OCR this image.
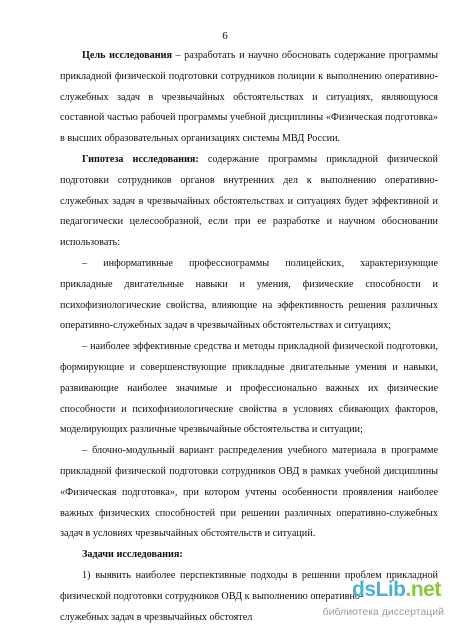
6

Цель исследования – разработать и научно обосновать содержание программы прикладной физической подготовки сотрудников полиции к выполнению оперативно-служебных задач в чрезвычайных обстоятельствах и ситуациях, являющуюся составной частью рабочей программы учебной дисциплины «Физическая подготовка» в высших образовательных организациях системы МВД России.

Гипотеза исследования: содержание программы прикладной физической подготовки сотрудников органов внутренних дел к выполнению оперативно-служебных задач в чрезвычайных обстоятельствах и ситуациях будет эффективной и педагогически целесообразной, если при ее разработке и научном обосновании использовать:

– информативные профессиограммы полицейских, характеризующие прикладные двигательные навыки и умения, физические способности и психофизиологические свойства, влияющие на эффективность решения различных оперативно-служебных задач в чрезвычайных обстоятельствах и ситуациях;

– наиболее эффективные средства и методы прикладной физической подготовки, формирующие и совершенствующие прикладные двигательные умения и навыки, развивающие наиболее значимые и профессионально важных их физические способности и психофизиологические свойства в условиях сбивающих факторов, моделирующих различные чрезвычайные обстоятельства и ситуации;

– блочно-модульный вариант распределения учебного материала в программе прикладной физической подготовки сотрудников ОВД в рамках учебной дисциплины «Физическая подготовка», при котором учтены особенности проявления наиболее важных физических способностей при решении различных оперативно-служебных задач в условиях чрезвычайных обстоятельств и ситуаций.

Задачи исследования:

1) выявить наиболее перспективные подходы в решении проблем прикладной физической подготовки сотрудников ОВД к выполнению оперативно-

служебных задач в чрезвычайных обстоятел
dsLib.net
библиотека диссертаций
